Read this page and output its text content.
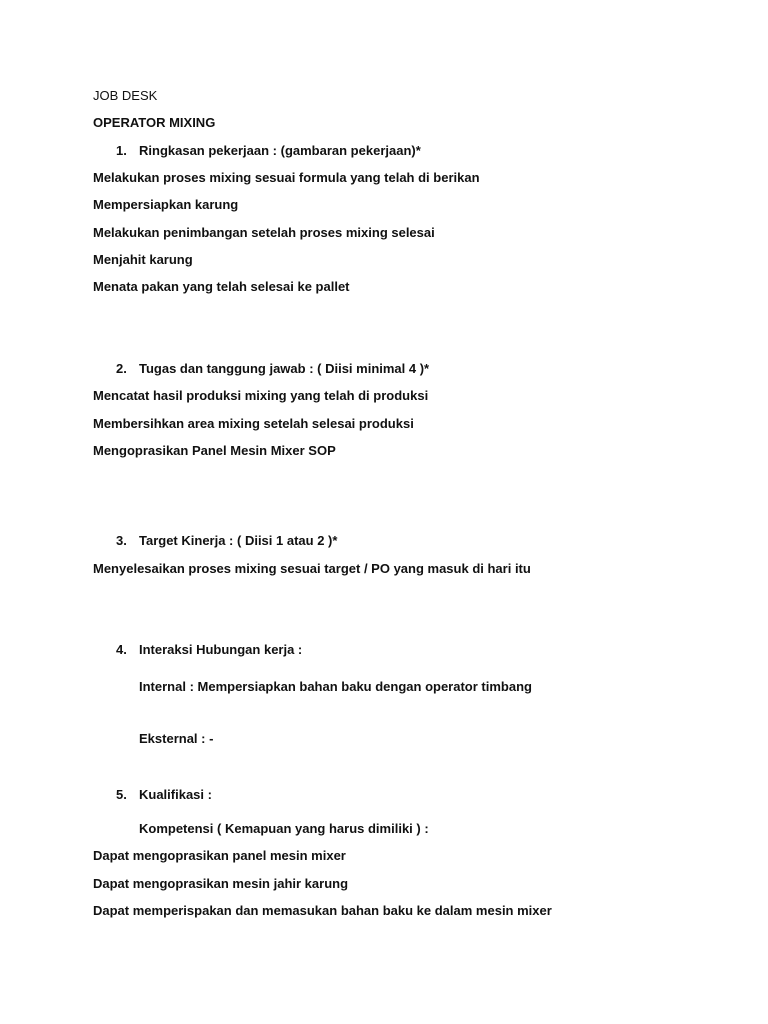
JOB DESK
OPERATOR MIXING
1. Ringkasan pekerjaan : (gambaran pekerjaan)*
Melakukan proses mixing sesuai formula yang telah di berikan
Mempersiapkan karung
Melakukan penimbangan setelah proses mixing selesai
Menjahit karung
Menata pakan yang telah selesai ke pallet
2. Tugas dan tanggung jawab : ( Diisi minimal 4 )*
Mencatat hasil produksi mixing yang telah di produksi
Membersihkan area mixing setelah selesai produksi
Mengoprasikan Panel Mesin Mixer SOP
3. Target Kinerja : ( Diisi 1 atau 2 )*
Menyelesaikan proses mixing sesuai target / PO yang masuk di hari itu
4. Interaksi Hubungan kerja :
Internal : Mempersiapkan bahan baku dengan operator timbang
Eksternal : -
5. Kualifikasi :
Kompetensi ( Kemapuan yang harus dimiliki ) :
Dapat mengoprasikan panel mesin mixer
Dapat mengoprasikan mesin jahir karung
Dapat memperispakan dan memasukan bahan baku ke dalam mesin mixer
